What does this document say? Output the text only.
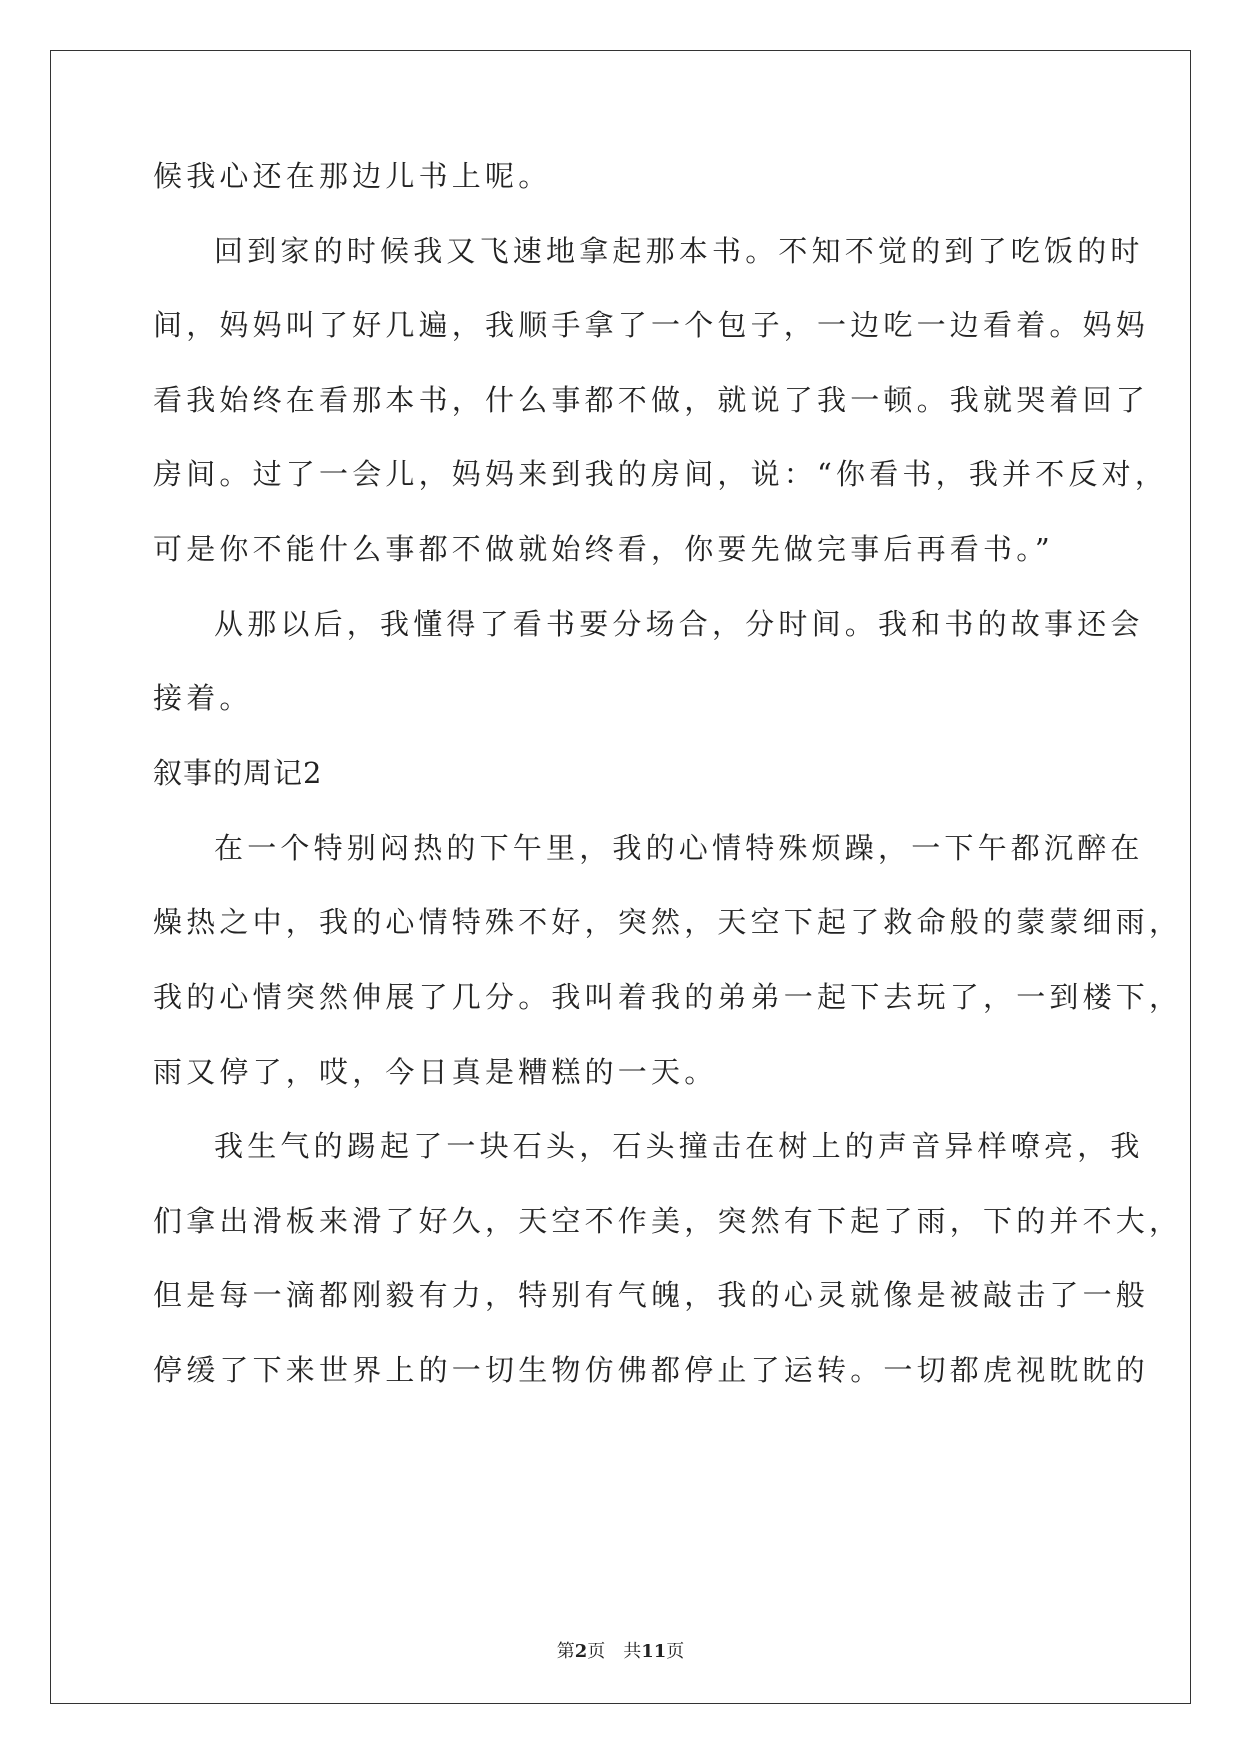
候我心还在那边儿书上呢。
回到家的时候我又飞速地拿起那本书。不知不觉的到了吃饭的时
间，妈妈叫了好几遍，我顺手拿了一个包子，一边吃一边看着。妈妈
看我始终在看那本书，什么事都不做，就说了我一顿。我就哭着回了
房间。过了一会儿，妈妈来到我的房间，说：“你看书，我并不反对，
可是你不能什么事都不做就始终看，你要先做完事后再看书。”
从那以后，我懂得了看书要分场合，分时间。我和书的故事还会
接着。
叙事的周记2
在一个特别闷热的下午里，我的心情特殊烦躁，一下午都沉醉在
燥热之中，我的心情特殊不好，突然，天空下起了救命般的蒙蒙细雨，
我的心情突然伸展了几分。我叫着我的弟弟一起下去玩了，一到楼下，
雨又停了，哎，今日真是糟糕的一天。
我生气的踢起了一块石头，石头撞击在树上的声音异样嘹亮，我
们拿出滑板来滑了好久，天空不作美，突然有下起了雨，下的并不大，
但是每一滴都刚毅有力，特别有气魄，我的心灵就像是被敲击了一般
停缓了下来世界上的一切生物仿佛都停止了运转。一切都虎视眈眈的
第2页 共11页
